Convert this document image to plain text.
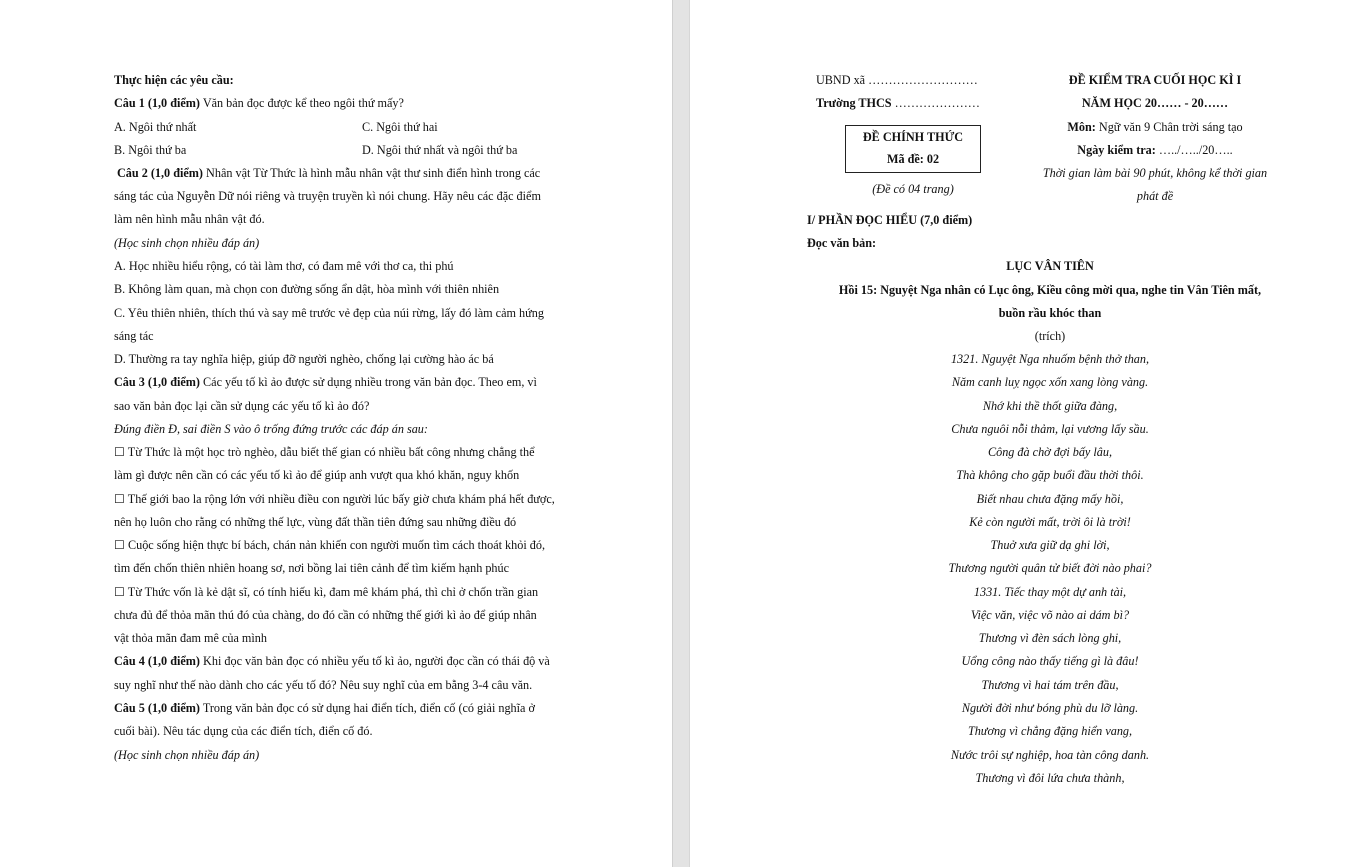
Thực hiện các yêu cầu:
Câu 1 (1,0 điểm) Văn bản đọc được kể theo ngôi thứ mấy?
A. Ngôi thứ nhất	C. Ngôi thứ hai
B. Ngôi thứ ba	D. Ngôi thứ nhất và ngôi thứ ba
Câu 2 (1,0 điểm) Nhân vật Từ Thức là hình mẫu nhân vật thư sinh điển hình trong các
sáng tác của Nguyễn Dữ nói riêng và truyện truyền kì nói chung. Hãy nêu các đặc điểm
làm nên hình mẫu nhân vật đó.
(Học sinh chọn nhiều đáp án)
A. Học nhiều hiểu rộng, có tài làm thơ, có đam mê với thơ ca, thi phú
B. Không làm quan, mà chọn con đường sống ẩn dật, hòa mình với thiên nhiên
C. Yêu thiên nhiên, thích thú và say mê trước vẻ đẹp của núi rừng, lấy đó làm cảm hứng
sáng tác
D. Thường ra tay nghĩa hiệp, giúp đỡ người nghèo, chống lại cường hào ác bá
Câu 3 (1,0 điểm) Các yếu tố kì ảo được sử dụng nhiều trong văn bản đọc. Theo em, vì
sao văn bản đọc lại cần sử dụng các yếu tố kì ảo đó?
Đúng điền Đ, sai điền S vào ô trống đứng trước các đáp án sau:
☐ Từ Thức là một học trò nghèo, dẫu biết thế gian có nhiều bất công nhưng chẳng thể
làm gì được nên cần có các yếu tố kì ảo để giúp anh vượt qua khó khăn, nguy khốn
☐ Thế giới bao la rộng lớn với nhiều điều con người lúc bấy giờ chưa khám phá hết được,
nên họ luôn cho rằng có những thế lực, vùng đất thần tiên đứng sau những điều đó
☐ Cuộc sống hiện thực bí bách, chán nản khiến con người muốn tìm cách thoát khỏi đó,
tìm đến chốn thiên nhiên hoang sơ, nơi bồng lai tiên cảnh để tìm kiếm hạnh phúc
☐ Từ Thức vốn là kẻ dật sĩ, có tính hiếu kì, đam mê khám phá, thì chỉ ở chốn trần gian
chưa đủ để thỏa mãn thú đó của chàng, do đó cần có những thế giới kì ảo để giúp nhân
vật thỏa mãn đam mê của mình
Câu 4 (1,0 điểm) Khi đọc văn bản đọc có nhiều yếu tố kì ảo, người đọc cần có thái độ và
suy nghĩ như thế nào dành cho các yếu tố đó? Nêu suy nghĩ của em bằng 3-4 câu văn.
Câu 5 (1,0 điểm) Trong văn bản đọc có sử dụng hai điển tích, điển cố (có giải nghĩa ở
cuối bài). Nêu tác dụng của các điển tích, điển cố đó.
(Học sinh chọn nhiều đáp án)
UBND xã ………………………
Trường THCS …………………
ĐỀ CHÍNH THỨC
Mã đề: 02
(Đề có 04 trang)
ĐỀ KIỂM TRA CUỐI HỌC KÌ I
NĂM HỌC 20…… - 20……
Môn: Ngữ văn 9 Chân trời sáng tạo
Ngày kiểm tra: …../…../20…..
Thời gian làm bài 90 phút, không kể thời gian
phát đề
I/ PHẦN ĐỌC HIỂU (7,0 điểm)
Đọc văn bản:
LỤC VÂN TIÊN
Hồi 15: Nguyệt Nga nhân có Lục ông, Kiều công mời qua, nghe tin Vân Tiên mất,
buồn rầu khóc than
(trích)
1321. Nguyệt Nga nhuốm bệnh thở than,
Năm canh luỵ ngọc xốn xang lòng vàng.
Nhớ khi thề thốt giữa đàng,
Chưa nguôi nỗi thảm, lại vương lấy sầu.
Công đà chờ đợi bấy lâu,
Thà không cho gặp buổi đầu thời thôi.
Biết nhau chưa đặng mấy hồi,
Kẻ còn người mất, trời ôi là trời!
Thuở xưa giữ dạ ghi lời,
Thương người quân tử biết đời nào phai?
1331. Tiếc thay một dự anh tài,
Việc văn, việc võ nào ai dám bì?
Thương vì đèn sách lòng ghi,
Uổng công nào thấy tiếng gì là đâu!
Thương vì hai tám trên đầu,
Người đời như bóng phù du lỡ làng.
Thương vì chẳng đặng hiển vang,
Nước trôi sự nghiệp, hoa tàn công danh.
Thương vì đôi lứa chưa thành,
